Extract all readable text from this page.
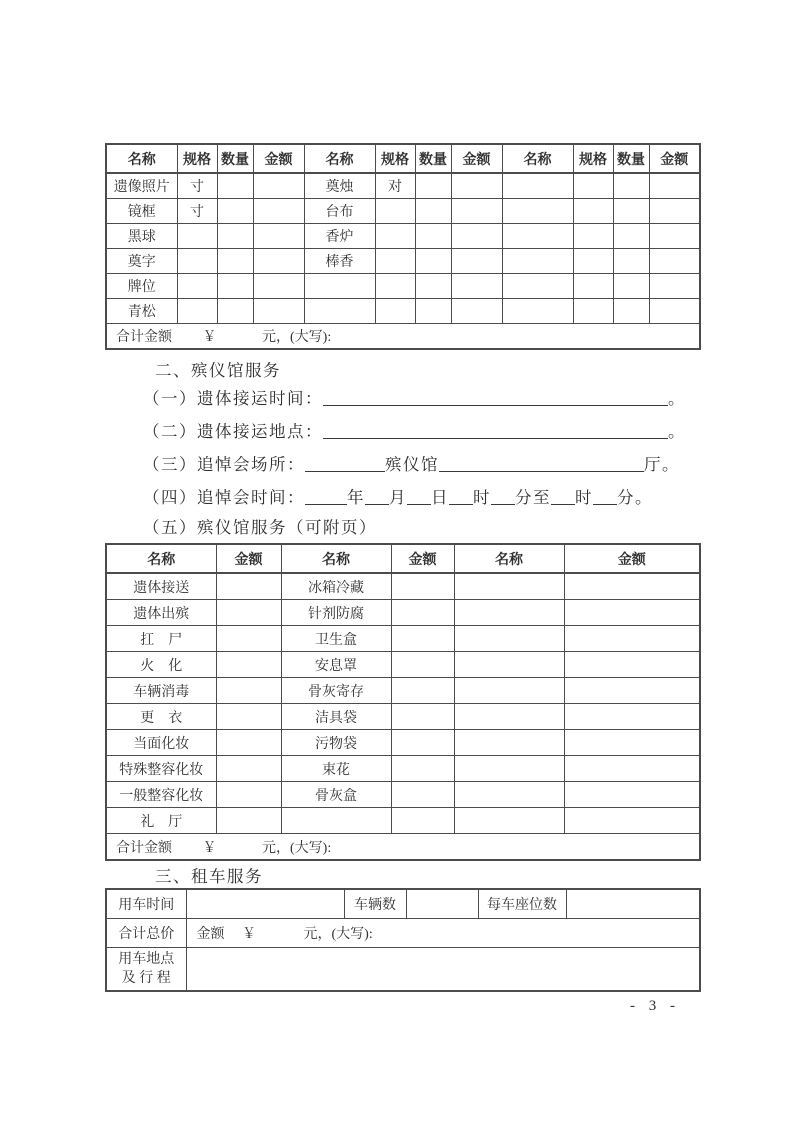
名称	规格	数量	金额	名称	规格	数量	金额	名称	规格	数量	金额
遗像照片	寸			奠烛	对						
镜框	寸			台布							
黑球				香炉							
奠字				棒香							
牌位											
青松											
合计金额 ￥ 元，(大写):											
二、殡仪馆服务
（一）遗体接运时间：	。
（二）遗体接运地点：	。
（三）追悼会场所：	殡仪馆	厅。
（四）追悼会时间：	年 月 日 时 分至 时 分。
（五）殡仪馆服务（可附页）
名称	金额	名称	金额	名称	金额
遗体接送		冰箱冷藏			
遗体出殡		针剂防腐			
扛　尸		卫生盒			
火　化		安息罩			
车辆消毒		骨灰寄存			
更　衣		洁具袋			
当面化妆		污物袋			
特殊整容化妆		束花			
一般整容化妆		骨灰盒			
礼　厅					
合计金额 ￥ 元，(大写):					
三、租车服务
用车时间		车辆数		每车座位数	
合计总价	金额 ￥ 元，(大写):				

用车地点
及 行 程					

- 3 -
